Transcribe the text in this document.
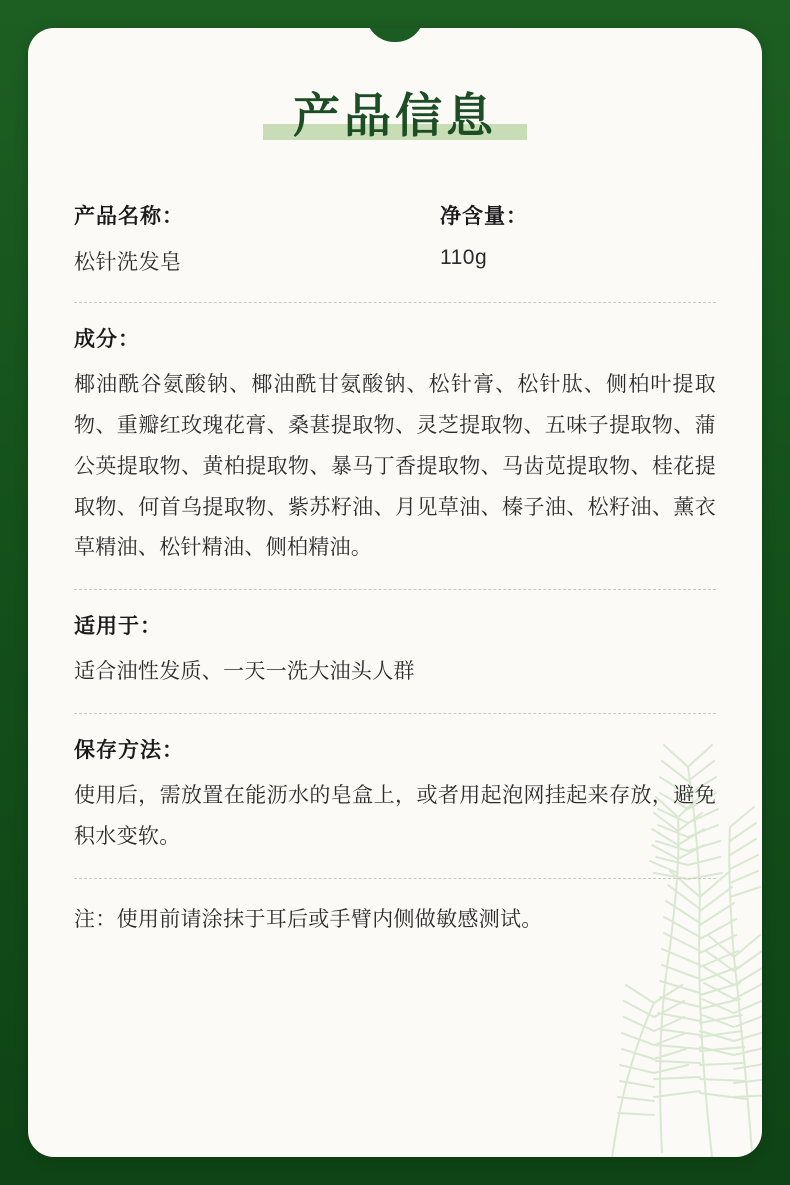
产品信息
产品名称：
松针洗发皂
净含量：
110g
成分：
椰油酰谷氨酸钠、椰油酰甘氨酸钠、松针膏、松针肽、侧柏叶提取物、重瓣红玫瑰花膏、桑葚提取物、灵芝提取物、五味子提取物、蒲公英提取物、黄柏提取物、暴马丁香提取物、马齿苋提取物、桂花提取物、何首乌提取物、紫苏籽油、月见草油、榛子油、松籽油、薰衣草精油、松针精油、侧柏精油。
适用于：
适合油性发质、一天一洗大油头人群
保存方法：
使用后，需放置在能沥水的皂盒上，或者用起泡网挂起来存放，避免积水变软。
注：使用前请涂抹于耳后或手臂内侧做敏感测试。
